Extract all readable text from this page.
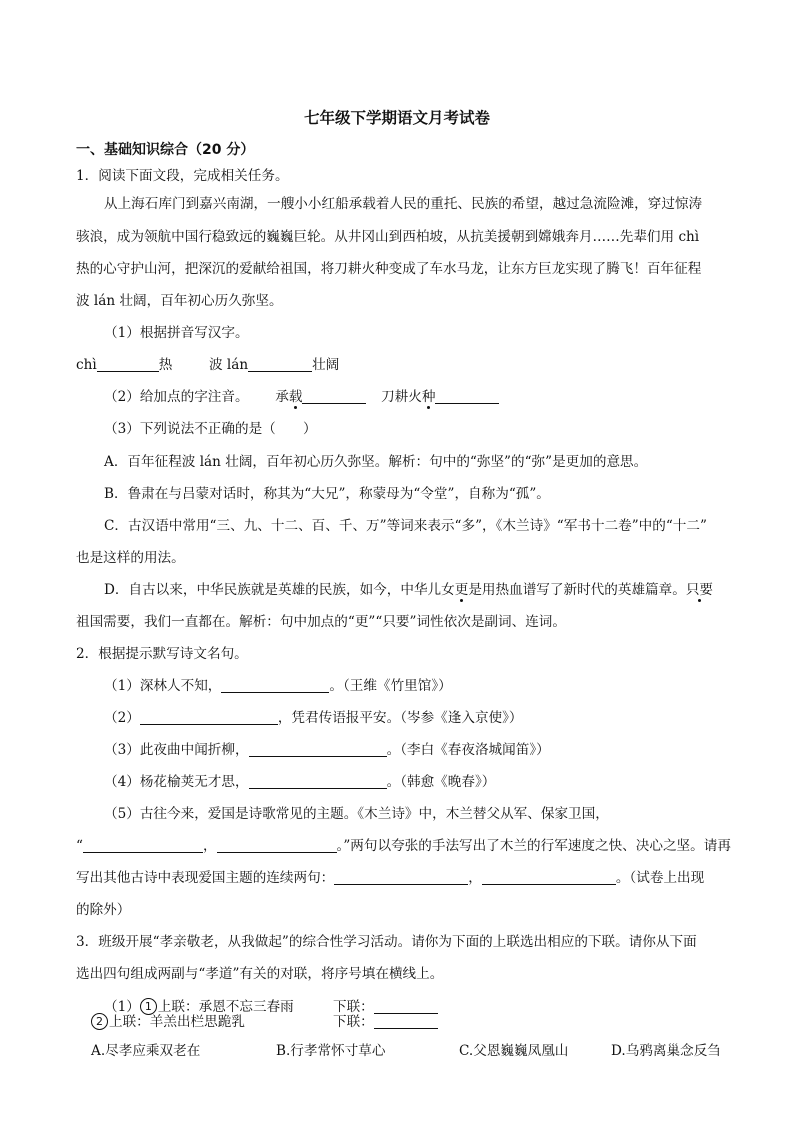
七年级下学期语文月考试卷
一、基础知识综合（20 分）
1．阅读下面文段，完成相关任务。
从上海石库门到嘉兴南湖，一艘小小红船承载着人民的重托、民族的希望，越过急流险滩，穿过惊涛
骇浪，成为领航中国行稳致远的巍巍巨轮。从井冈山到西柏坡，从抗美援朝到嫦娥奔月……先辈们用 chì
热的心守护山河，把深沉的爱献给祖国，将刀耕火种变成了车水马龙，让东方巨龙实现了腾飞！百年征程
波 lán 壮阔，百年初心历久弥坚。
（1）根据拼音写汉字。
chì	热	波 lán	壮阔
（2）给加点的字注音。 承载	刀耕火种
（3）下列说法不正确的是（　　）
A．百年征程波 lán 壮阔，百年初心历久弥坚。解析：句中的“弥坚”的“弥”是更加的意思。
B．鲁肃在与吕蒙对话时，称其为“大兄”，称蒙母为“令堂”，自称为“孤”。
C．古汉语中常用“三、九、十二、百、千、万”等词来表示“多”，《木兰诗》“军书十二卷”中的“十二”
也是这样的用法。
D．自古以来，中华民族就是英雄的民族，如今，中华儿女更是用热血谱写了新时代的英雄篇章。只要
祖国需要，我们一直都在。解析：句中加点的“更”“只要”词性依次是副词、连词。
2．根据提示默写诗文名句。
（1）深林人不知，	。（王维《竹里馆》）
（2）	，凭君传语报平安。（岑参《逢入京使》）
（3）此夜曲中闻折柳，	。（李白《春夜洛城闻笛》）
（4）杨花榆荚无才思，	。（韩愈《晚春》）
（5）古往今来，爱国是诗歌常见的主题。《木兰诗》中，木兰替父从军、保家卫国，
“	，	。”两句以夸张的手法写出了木兰的行军速度之快、决心之坚。请再
写出其他古诗中表现爱国主题的连续两句：	，	。（试卷上出现
的除外）
3．班级开展“孝亲敬老，从我做起”的综合性学习活动。请你为下面的上联选出相应的下联。请你从下面
选出四句组成两副与“孝道”有关的对联，将序号填在横线上。
（1） 1 上联：承恩不忘三春雨	下联：
2 上联：羊羔出栏思跪乳	下联：
A.尽孝应乘双老在	B.行孝常怀寸草心	C.父恩巍巍凤凰山	D.乌鸦离巢念反刍
